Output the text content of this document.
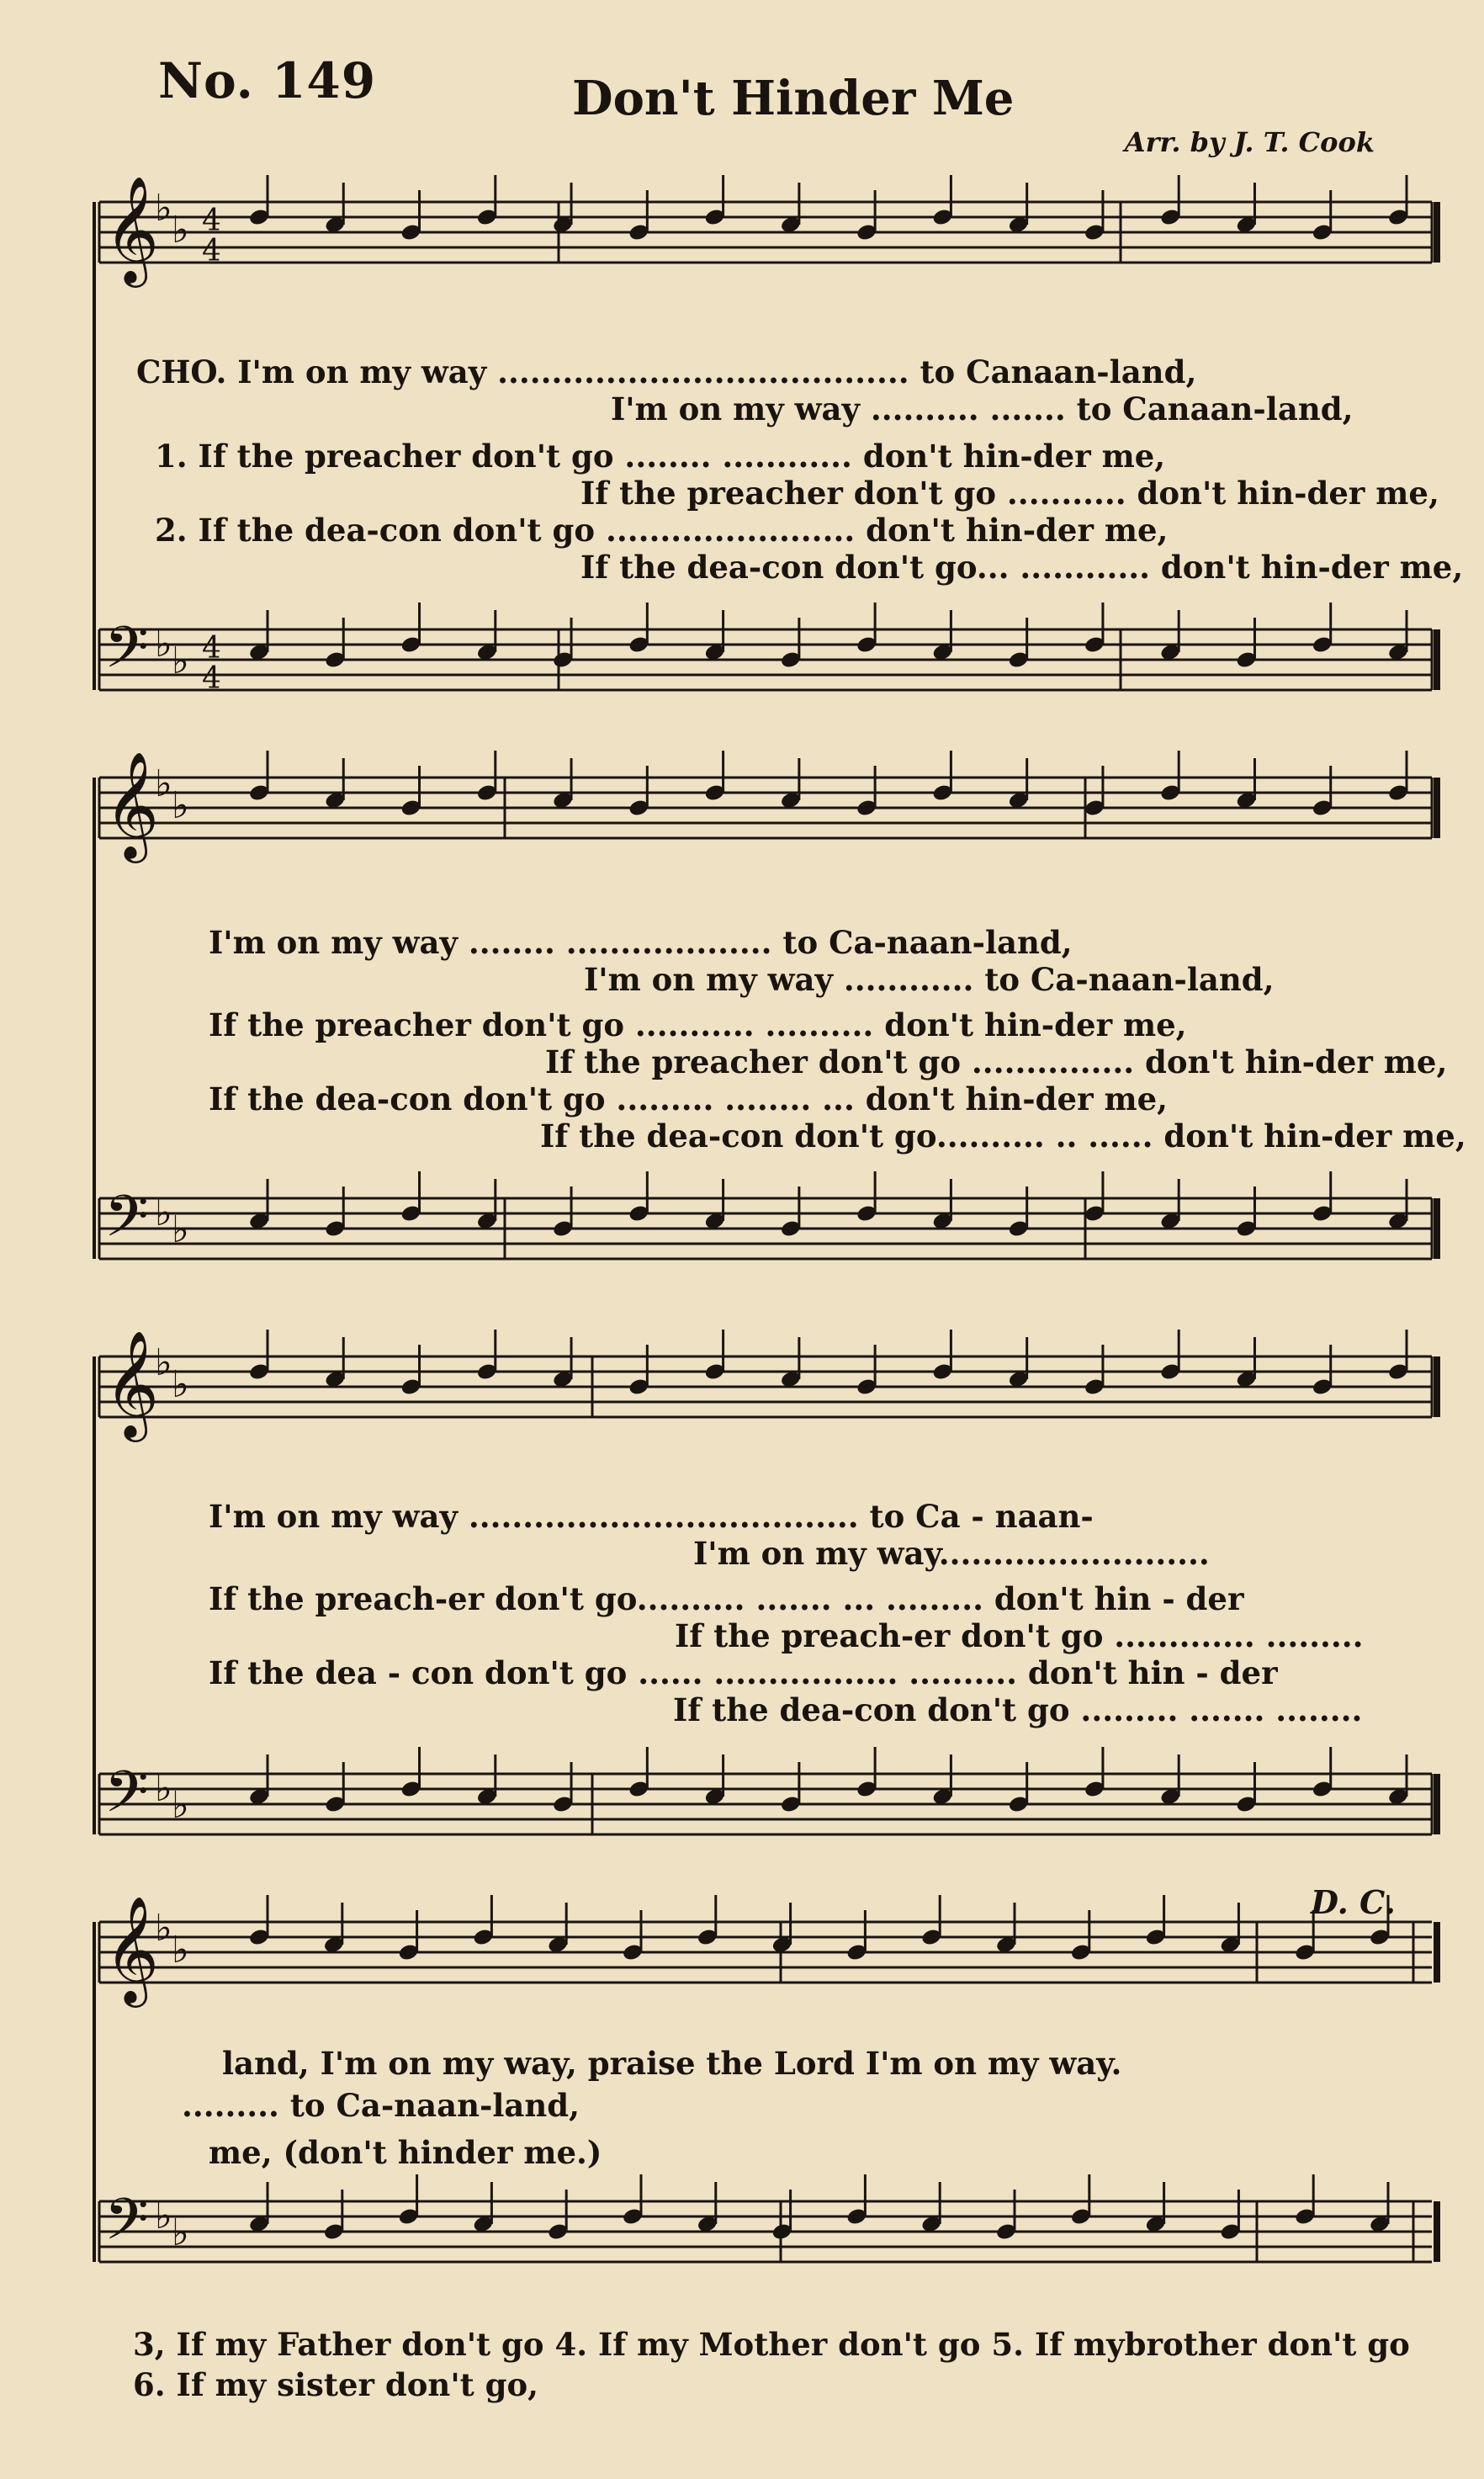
No. 149	Don't Hinder Me
Arr. by J. T. Cook
𝄞
♭
♭ 4
4
𝄢 ♭ ♭ 4
4
𝄞
♭
♭
𝄢 ♭ ♭
𝄞
♭
♭
𝄢 ♭ ♭
𝄞
♭
♭
𝄢 ♭ ♭
CHO. I'm on my way ...................................... to Canaan-land,
I'm on my way .......... ....... to Canaan-land,
1. If the preacher don't go ........ ............ don't hin-der me,
If the preacher don't go ........... don't hin-der me,
2. If the dea-con don't go ....................... don't hin-der me,
If the dea-con don't go... ............ don't hin-der me,
I'm on my way ........ ................... to Ca-naan-land,
I'm on my way ............ to Ca-naan-land,
If the preacher don't go ........... .......... don't hin-der me,
If the preacher don't go ............... don't hin-der me,
If the dea-con don't go ......... ........ ... don't hin-der me,
If the dea-con don't go.......... .. ...... don't hin-der me,
I'm on my way .................................... to Ca - naan-
I'm on my way.........................
If the preach-er don't go.......... ....... ... ......... don't hin - der
If the preach-er don't go ............. .........
If the dea - con don't go ...... ................. .......... don't hin - der
If the dea-con don't go ......... ....... ........
D. C.
land, I'm on my way, praise the Lord I'm on my way.
......... to Ca-naan-land,
me, (don't hinder me.)
3, If my Father don't go 4. If my Mother don't go 5. If mybrother don't go
6. If my sister don't go,
